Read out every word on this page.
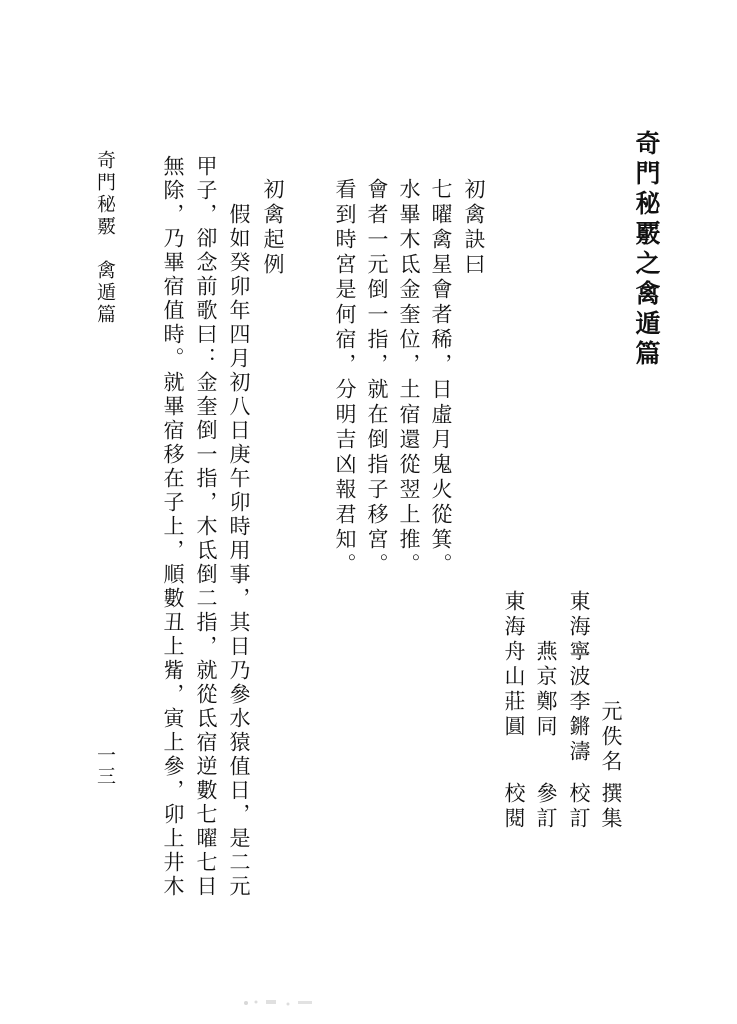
奇門秘覈之禽遁篇
元佚名
撰集
東海寧波李鏘濤
校訂
燕京鄭同
參訂
東海舟山莊圓
校閱
初禽訣曰
七曜禽星會者稀，日虛月鬼火從箕。
水畢木氐金奎位，土宿還從翌上推。
會者一元倒一指，就在倒指子移宮。
看到時宮是何宿，分明吉凶報君知。
初禽起例
假如癸卯年四月初八日庚午卯時用事，其日乃參水猿值日，是二元
甲子，卻念前歌曰：金奎倒一指，木氐倒二指，就從氐宿逆數七曜七日
無除，乃畢宿值時。就畢宿移在子上，順數丑上觜，寅上參，卯上井木
奇門秘覈　禽遁篇
一三
